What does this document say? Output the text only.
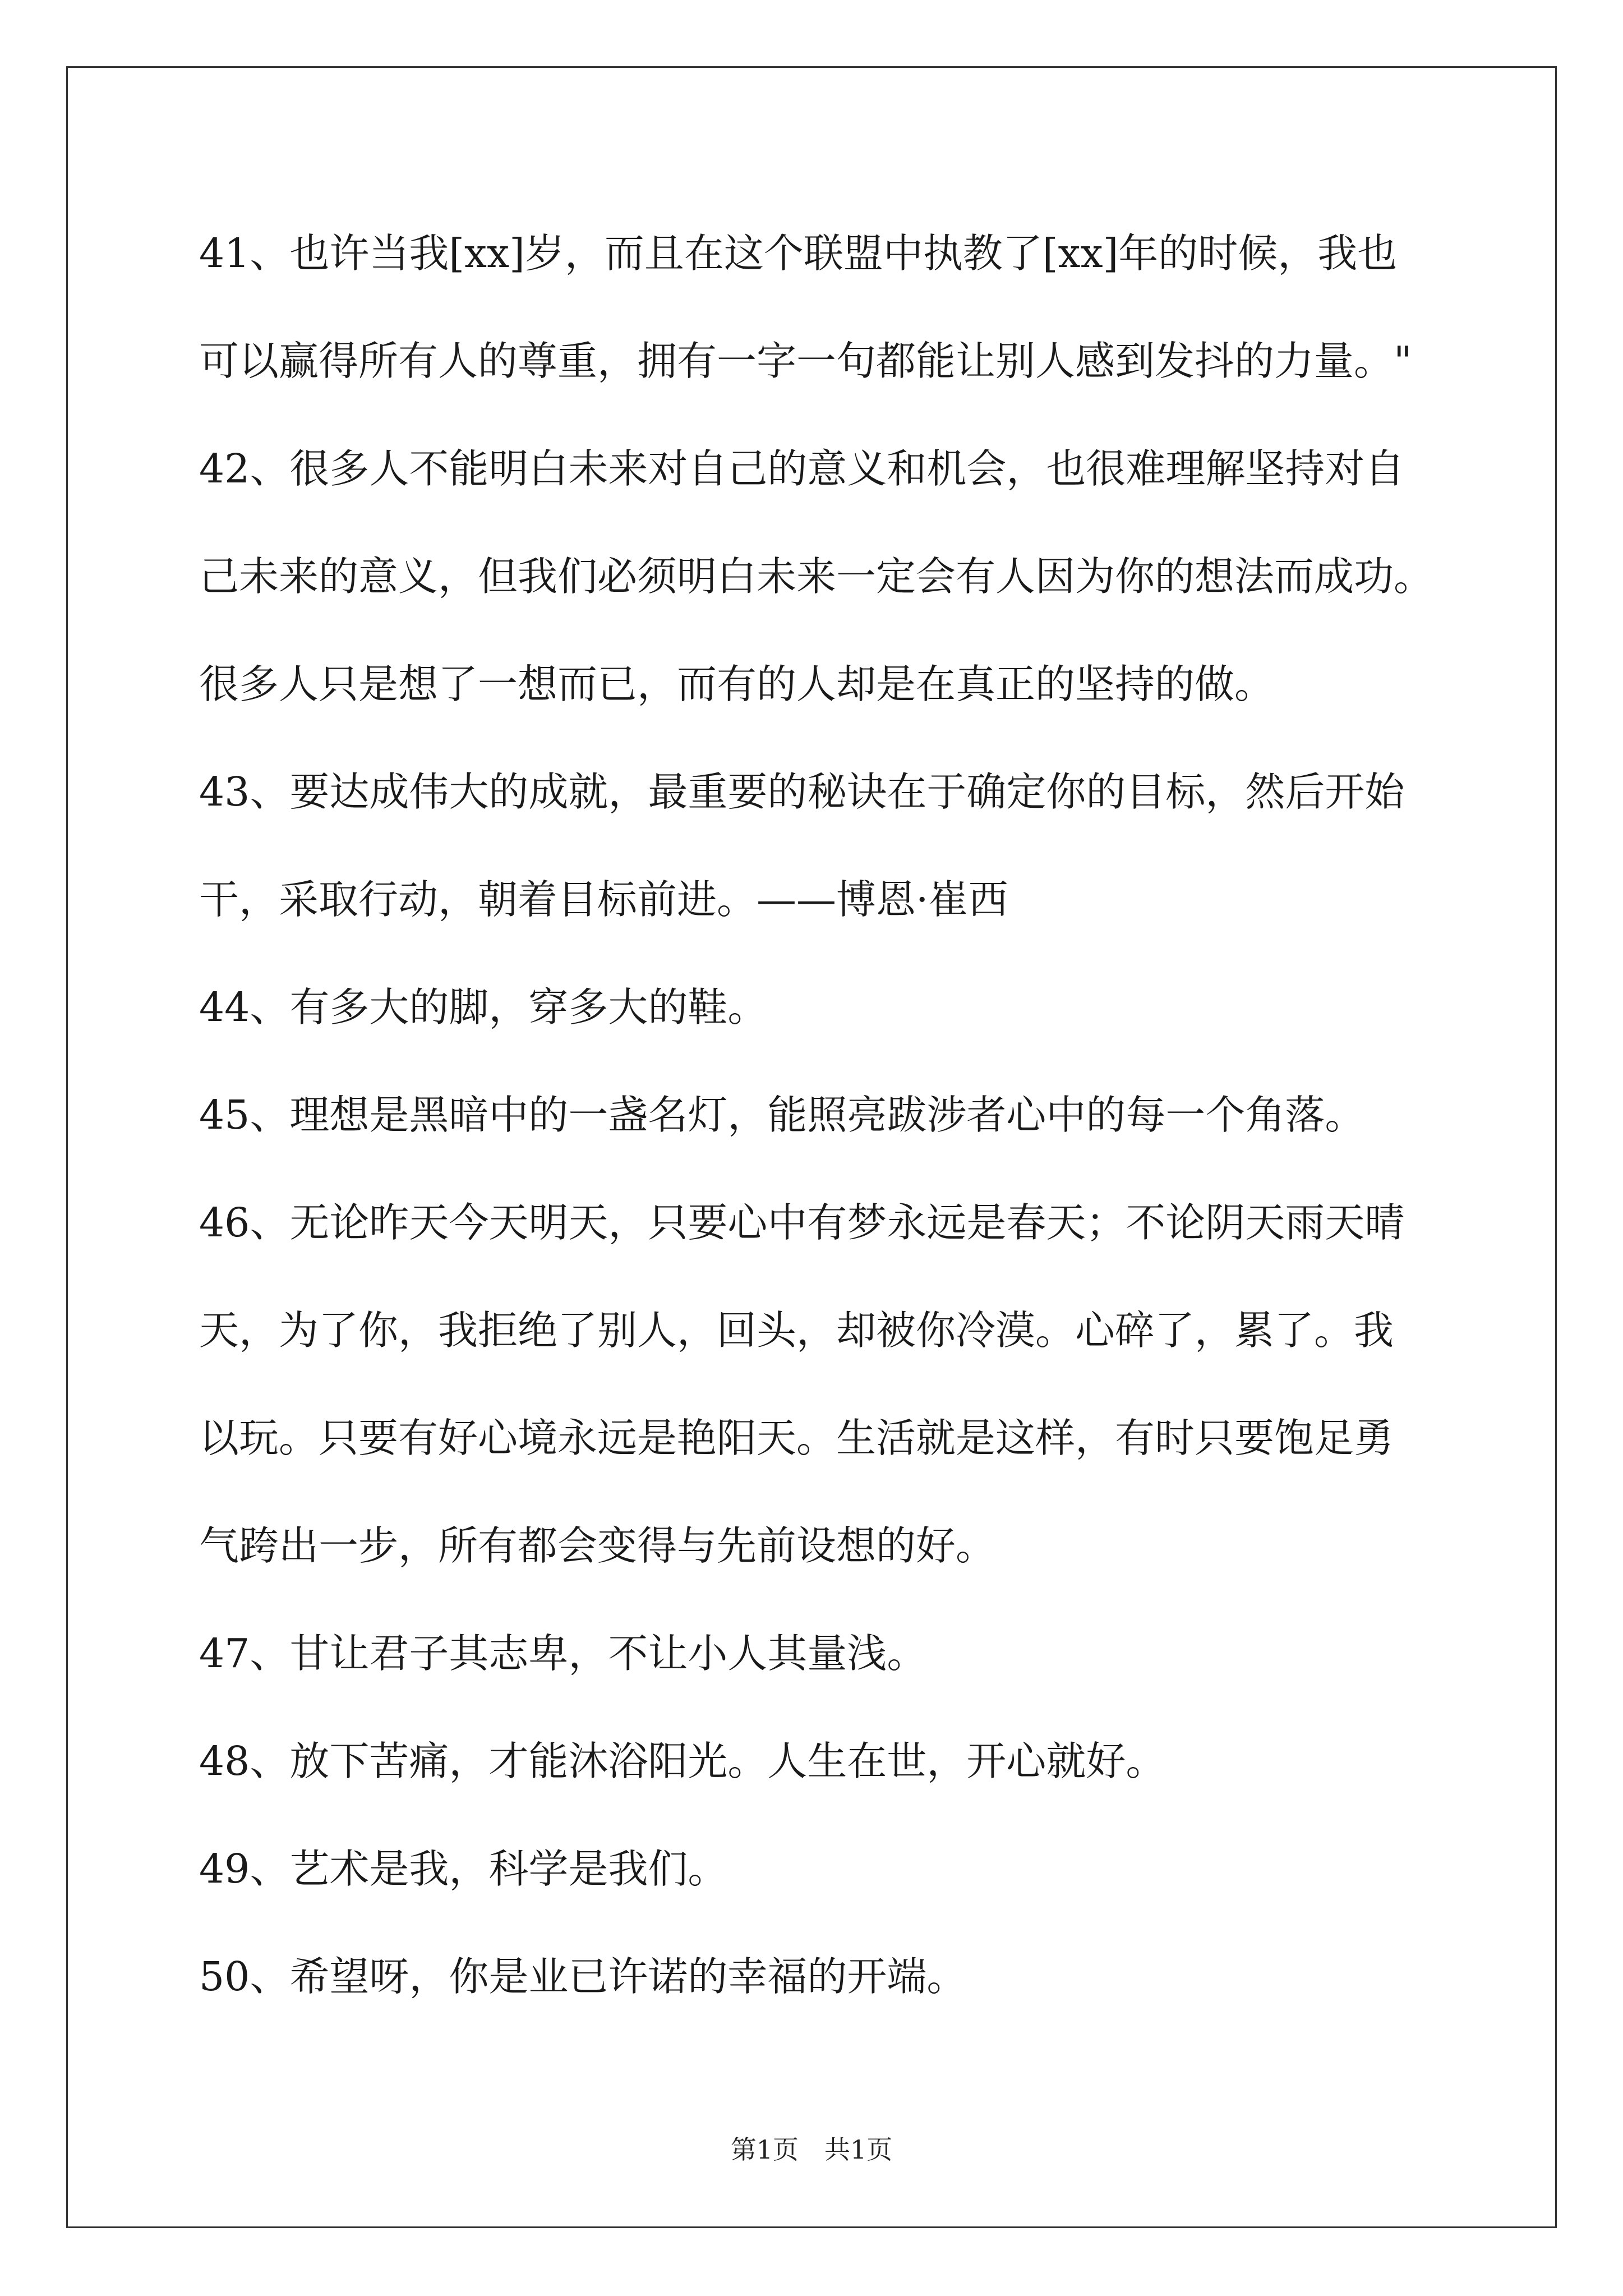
41、也许当我[xx]岁，而且在这个联盟中执教了[xx]年的时候，我也
可以赢得所有人的尊重，拥有一字一句都能让别人感到发抖的力量。"
42、很多人不能明白未来对自己的意义和机会，也很难理解坚持对自
己未来的意义，但我们必须明白未来一定会有人因为你的想法而成功。
很多人只是想了一想而已，而有的人却是在真正的坚持的做。
43、要达成伟大的成就，最重要的秘诀在于确定你的目标，然后开始
干，采取行动，朝着目标前进。——博恩·崔西
44、有多大的脚，穿多大的鞋。
45、理想是黑暗中的一盏名灯，能照亮跋涉者心中的每一个角落。
46、无论昨天今天明天，只要心中有梦永远是春天；不论阴天雨天晴
天，为了你，我拒绝了别人，回头，却被你冷漠。心碎了，累了。我
以玩。只要有好心境永远是艳阳天。生活就是这样，有时只要饱足勇
气跨出一步，所有都会变得与先前设想的好。
47、甘让君子其志卑，不让小人其量浅。
48、放下苦痛，才能沐浴阳光。人生在世，开心就好。
49、艺术是我，科学是我们。
50、希望呀，你是业已许诺的幸福的开端。
第1页　共1页
